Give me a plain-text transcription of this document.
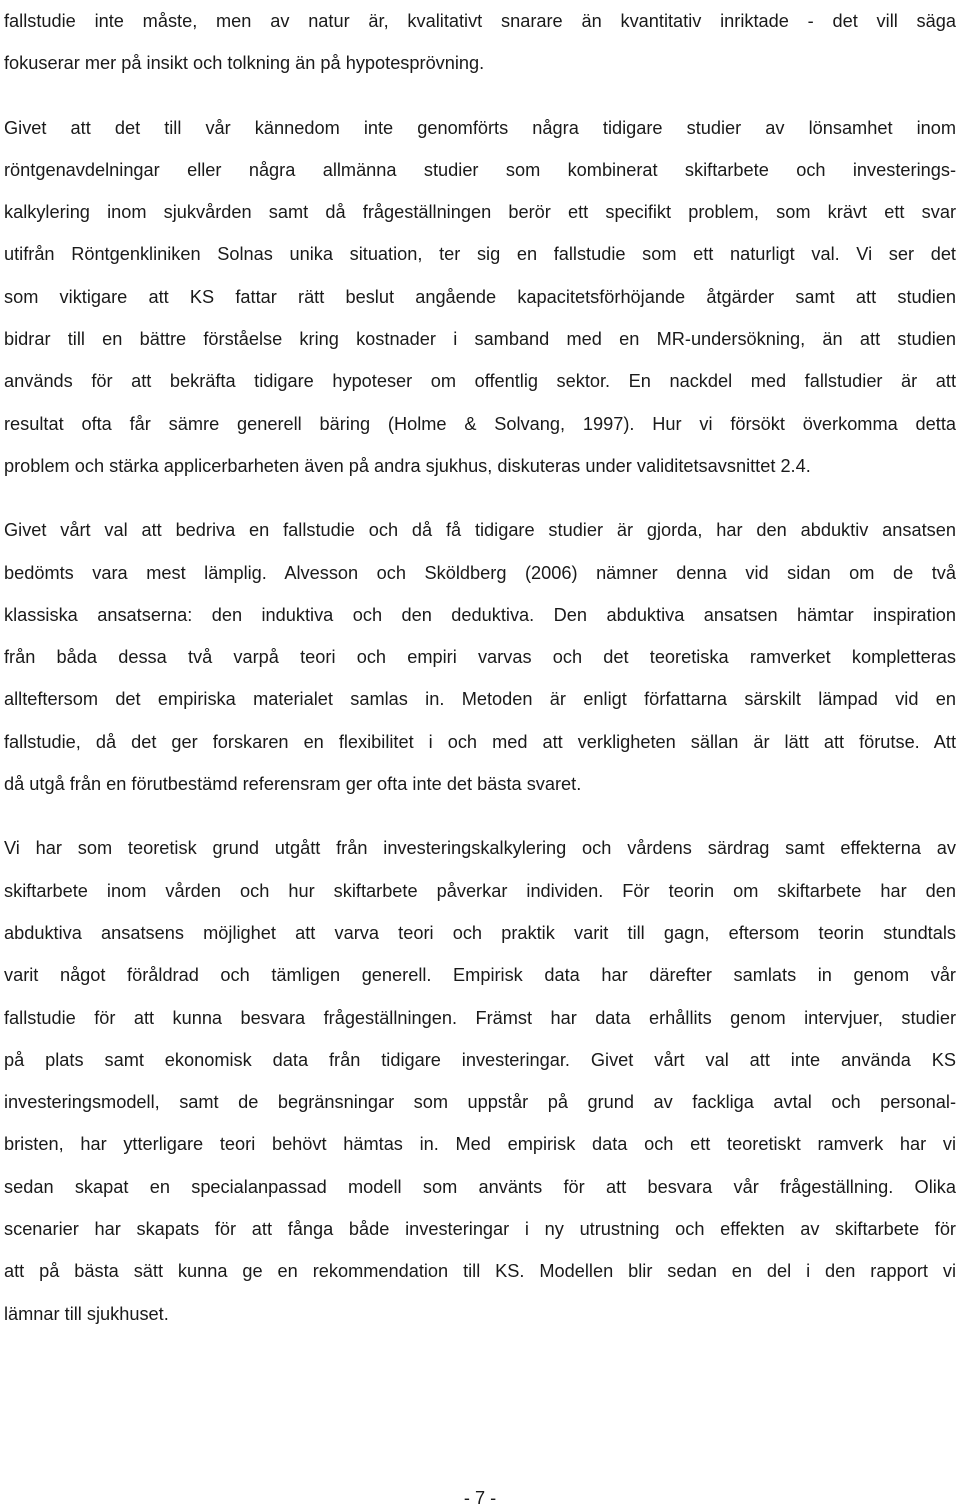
fallstudie inte måste, men av natur är, kvalitativt snarare än kvantitativ inriktade - det vill säga
fokuserar mer på insikt och tolkning än på hypotesprövning.
Givet att det till vår kännedom inte genomförts några tidigare studier av lönsamhet inom
röntgenavdelningar eller några allmänna studier som kombinerat skiftarbete och investerings-
kalkylering inom sjukvården samt då frågeställningen berör ett specifikt problem, som krävt ett svar
utifrån Röntgenkliniken Solnas unika situation, ter sig en fallstudie som ett naturligt val. Vi ser det
som viktigare att KS fattar rätt beslut angående kapacitetsförhöjande åtgärder samt att studien
bidrar till en bättre förståelse kring kostnader i samband med en MR-undersökning, än att studien
används för att bekräfta tidigare hypoteser om offentlig sektor. En nackdel med fallstudier är att
resultat ofta får sämre generell bäring (Holme & Solvang, 1997). Hur vi försökt överkomma detta
problem och stärka applicerbarheten även på andra sjukhus, diskuteras under validitetsavsnittet 2.4.
Givet vårt val att bedriva en fallstudie och då få tidigare studier är gjorda, har den abduktiv ansatsen
bedömts vara mest lämplig. Alvesson och Sköldberg (2006) nämner denna vid sidan om de två
klassiska ansatserna: den induktiva och den deduktiva. Den abduktiva ansatsen hämtar inspiration
från båda dessa två varpå teori och empiri varvas och det teoretiska ramverket kompletteras
allteftersom det empiriska materialet samlas in. Metoden är enligt författarna särskilt lämpad vid en
fallstudie, då det ger forskaren en flexibilitet i och med att verkligheten sällan är lätt att förutse. Att
då utgå från en förutbestämd referensram ger ofta inte det bästa svaret.
Vi har som teoretisk grund utgått från investeringskalkylering och vårdens särdrag samt effekterna av
skiftarbete inom vården och hur skiftarbete påverkar individen. För teorin om skiftarbete har den
abduktiva ansatsens möjlighet att varva teori och praktik varit till gagn, eftersom teorin stundtals
varit något föråldrad och tämligen generell. Empirisk data har därefter samlats in genom vår
fallstudie för att kunna besvara frågeställningen. Främst har data erhållits genom intervjuer, studier
på plats samt ekonomisk data från tidigare investeringar. Givet vårt val att inte använda KS
investeringsmodell, samt de begränsningar som uppstår på grund av fackliga avtal och personal-
bristen, har ytterligare teori behövt hämtas in. Med empirisk data och ett teoretiskt ramverk har vi
sedan skapat en specialanpassad modell som använts för att besvara vår frågeställning. Olika
scenarier har skapats för att fånga både investeringar i ny utrustning och effekten av skiftarbete för
att på bästa sätt kunna ge en rekommendation till KS. Modellen blir sedan en del i den rapport vi
lämnar till sjukhuset.
- 7 -
